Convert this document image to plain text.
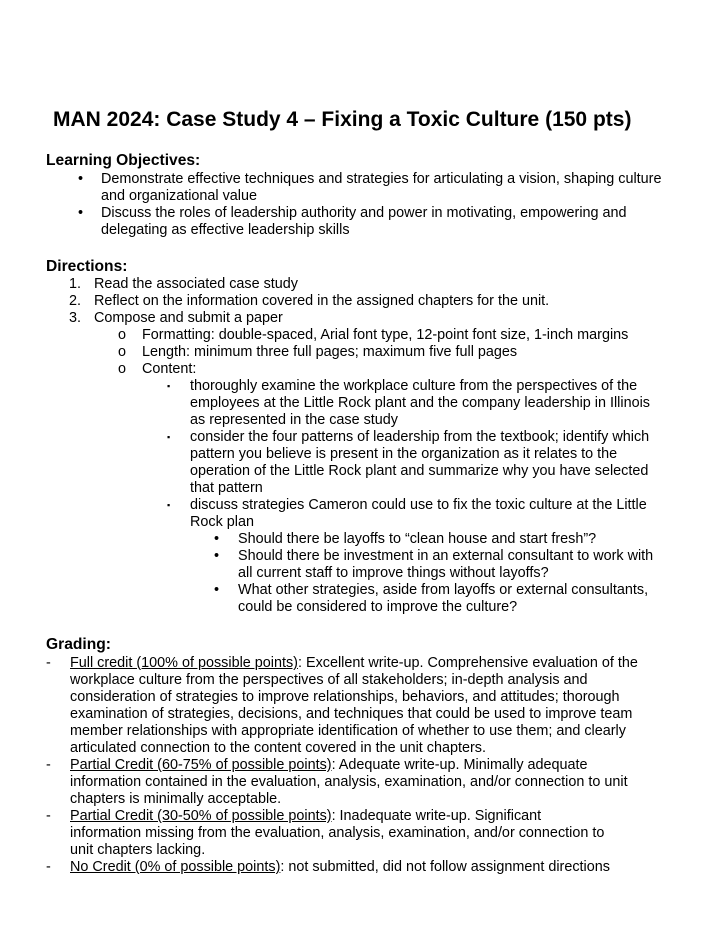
MAN 2024: Case Study 4 – Fixing a Toxic Culture (150 pts)
Learning Objectives:
• Demonstrate effective techniques and strategies for articulating a vision, shaping culture and organizational value
• Discuss the roles of leadership authority and power in motivating, empowering and delegating as effective leadership skills
Directions:
1. Read the associated case study
2. Reflect on the information covered in the assigned chapters for the unit.
3. Compose and submit a paper
o Formatting: double-spaced, Arial font type, 12-point font size, 1-inch margins
o Length: minimum three full pages; maximum five full pages
o Content:
▪ thoroughly examine the workplace culture from the perspectives of the employees at the Little Rock plant and the company leadership in Illinois as represented in the case study
▪ consider the four patterns of leadership from the textbook; identify which pattern you believe is present in the organization as it relates to the operation of the Little Rock plant and summarize why you have selected that pattern
▪ discuss strategies Cameron could use to fix the toxic culture at the Little Rock plan
• Should there be layoffs to “clean house and start fresh”?
• Should there be investment in an external consultant to work with all current staff to improve things without layoffs?
• What other strategies, aside from layoffs or external consultants, could be considered to improve the culture?
Grading:
- Full credit (100% of possible points): Excellent write-up. Comprehensive evaluation of the workplace culture from the perspectives of all stakeholders; in-depth analysis and consideration of strategies to improve relationships, behaviors, and attitudes; thorough examination of strategies, decisions, and techniques that could be used to improve team member relationships with appropriate identification of whether to use them; and clearly articulated connection to the content covered in the unit chapters.
- Partial Credit (60-75% of possible points): Adequate write-up. Minimally adequate information contained in the evaluation, analysis, examination, and/or connection to unit chapters is minimally acceptable.
- Partial Credit (30-50% of possible points): Inadequate write-up. Significant information missing from the evaluation, analysis, examination, and/or connection to unit chapters lacking.
- No Credit (0% of possible points): not submitted, did not follow assignment directions
